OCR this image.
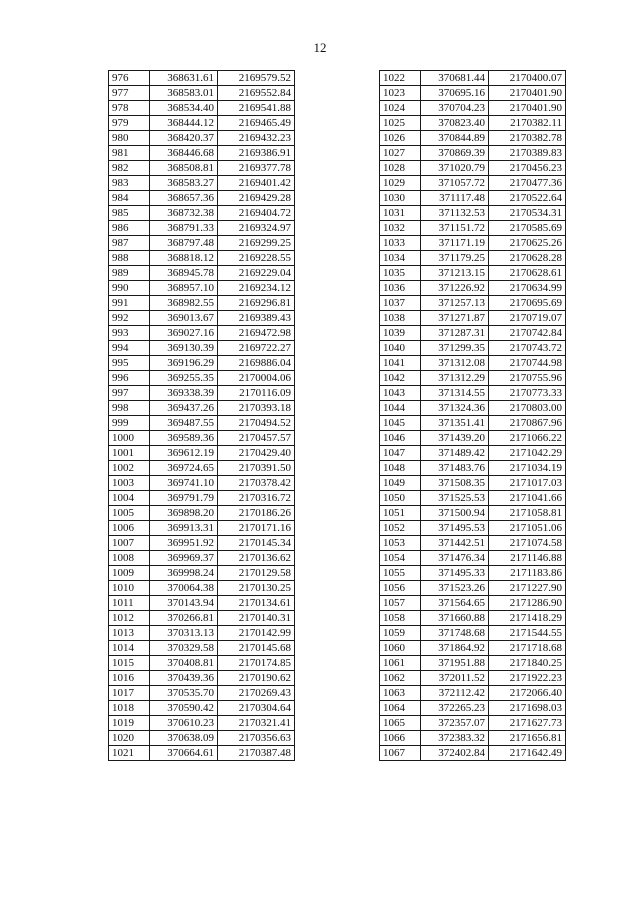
12
976	368631.61	2169579.52
977	368583.01	2169552.84
978	368534.40	2169541.88
979	368444.12	2169465.49
980	368420.37	2169432.23
981	368446.68	2169386.91
982	368508.81	2169377.78
983	368583.27	2169401.42
984	368657.36	2169429.28
985	368732.38	2169404.72
986	368791.33	2169324.97
987	368797.48	2169299.25
988	368818.12	2169228.55
989	368945.78	2169229.04
990	368957.10	2169234.12
991	368982.55	2169296.81
992	369013.67	2169389.43
993	369027.16	2169472.98
994	369130.39	2169722.27
995	369196.29	2169886.04
996	369255.35	2170004.06
997	369338.39	2170116.09
998	369437.26	2170393.18
999	369487.55	2170494.52
1000	369589.36	2170457.57
1001	369612.19	2170429.40
1002	369724.65	2170391.50
1003	369741.10	2170378.42
1004	369791.79	2170316.72
1005	369898.20	2170186.26
1006	369913.31	2170171.16
1007	369951.92	2170145.34
1008	369969.37	2170136.62
1009	369998.24	2170129.58
1010	370064.38	2170130.25
1011	370143.94	2170134.61
1012	370266.81	2170140.31
1013	370313.13	2170142.99
1014	370329.58	2170145.68
1015	370408.81	2170174.85
1016	370439.36	2170190.62
1017	370535.70	2170269.43
1018	370590.42	2170304.64
1019	370610.23	2170321.41
1020	370638.09	2170356.63
1021	370664.61	2170387.48
1022	370681.44	2170400.07
1023	370695.16	2170401.90
1024	370704.23	2170401.90
1025	370823.40	2170382.11
1026	370844.89	2170382.78
1027	370869.39	2170389.83
1028	371020.79	2170456.23
1029	371057.72	2170477.36
1030	371117.48	2170522.64
1031	371132.53	2170534.31
1032	371151.72	2170585.69
1033	371171.19	2170625.26
1034	371179.25	2170628.28
1035	371213.15	2170628.61
1036	371226.92	2170634.99
1037	371257.13	2170695.69
1038	371271.87	2170719.07
1039	371287.31	2170742.84
1040	371299.35	2170743.72
1041	371312.08	2170744.98
1042	371312.29	2170755.96
1043	371314.55	2170773.33
1044	371324.36	2170803.00
1045	371351.41	2170867.96
1046	371439.20	2171066.22
1047	371489.42	2171042.29
1048	371483.76	2171034.19
1049	371508.35	2171017.03
1050	371525.53	2171041.66
1051	371500.94	2171058.81
1052	371495.53	2171051.06
1053	371442.51	2171074.58
1054	371476.34	2171146.88
1055	371495.33	2171183.86
1056	371523.26	2171227.90
1057	371564.65	2171286.90
1058	371660.88	2171418.29
1059	371748.68	2171544.55
1060	371864.92	2171718.68
1061	371951.88	2171840.25
1062	372011.52	2171922.23
1063	372112.42	2172066.40
1064	372265.23	2171698.03
1065	372357.07	2171627.73
1066	372383.32	2171656.81
1067	372402.84	2171642.49
